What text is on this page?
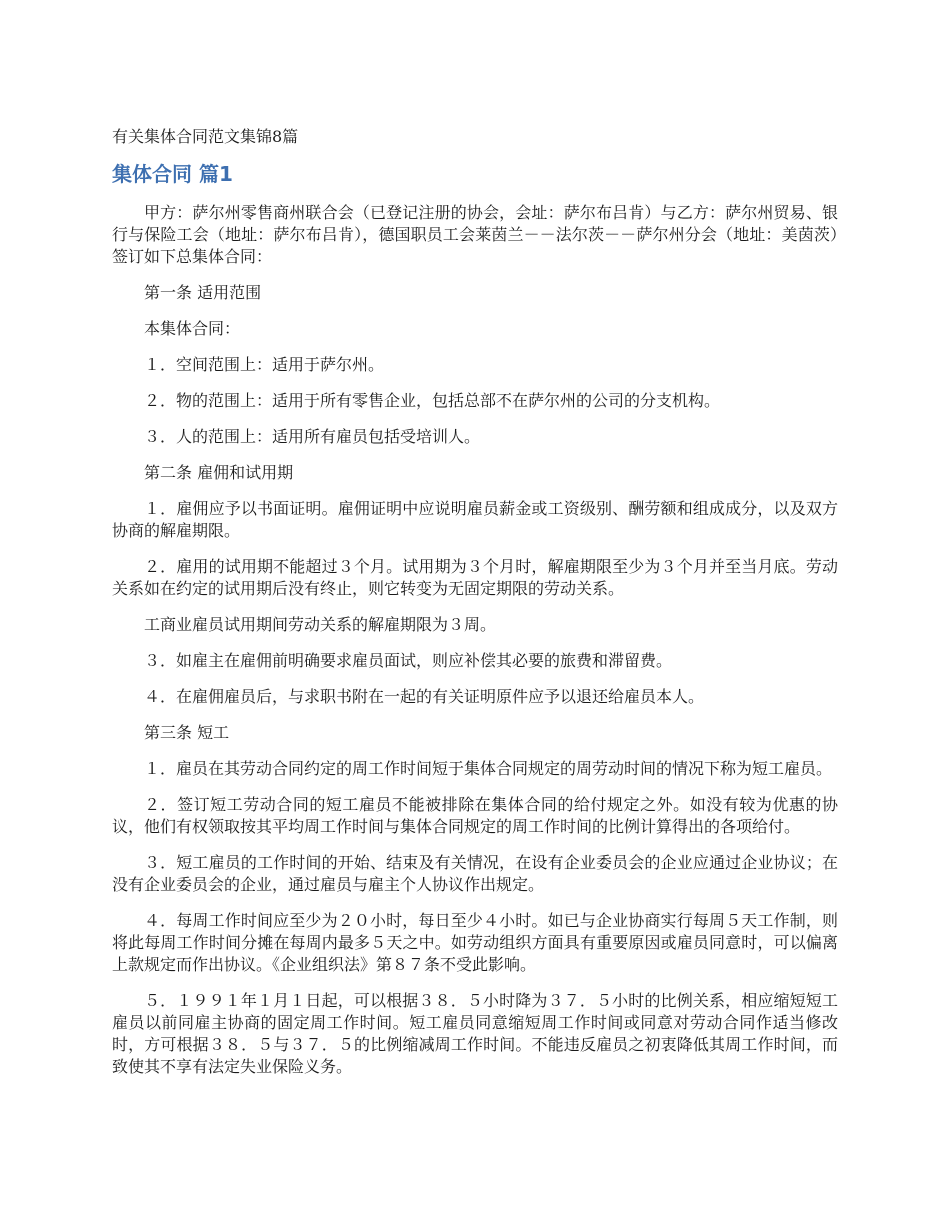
有关集体合同范文集锦8篇
集体合同 篇1

甲方：萨尔州零售商州联合会（已登记注册的协会，会址：萨尔布吕肯）与乙方：萨尔州贸易、银行与保险工会（地址：萨尔布吕肯），德国职员工会莱茵兰－－法尔茨－－萨尔州分会（地址：美茵茨）签订如下总集体合同：

第一条 适用范围

本集体合同：

１．空间范围上：适用于萨尔州。

２．物的范围上：适用于所有零售企业，包括总部不在萨尔州的公司的分支机构。

３．人的范围上：适用所有雇员包括受培训人。

第二条 雇佣和试用期

１．雇佣应予以书面证明。雇佣证明中应说明雇员薪金或工资级别、酬劳额和组成成分，以及双方协商的解雇期限。

２．雇用的试用期不能超过３个月。试用期为３个月时，解雇期限至少为３个月并至当月底。劳动关系如在约定的试用期后没有终止，则它转变为无固定期限的劳动关系。

工商业雇员试用期间劳动关系的解雇期限为３周。

３．如雇主在雇佣前明确要求雇员面试，则应补偿其必要的旅费和滞留费。

４．在雇佣雇员后，与求职书附在一起的有关证明原件应予以退还给雇员本人。

第三条 短工

１．雇员在其劳动合同约定的周工作时间短于集体合同规定的周劳动时间的情况下称为短工雇员。

２．签订短工劳动合同的短工雇员不能被排除在集体合同的给付规定之外。如没有较为优惠的协议，他们有权领取按其平均周工作时间与集体合同规定的周工作时间的比例计算得出的各项给付。

３．短工雇员的工作时间的开始、结束及有关情况，在设有企业委员会的企业应通过企业协议；在没有企业委员会的企业，通过雇员与雇主个人协议作出规定。

４．每周工作时间应至少为２０小时，每日至少４小时。如已与企业协商实行每周５天工作制，则将此每周工作时间分摊在每周内最多５天之中。如劳动组织方面具有重要原因或雇员同意时，可以偏离上款规定而作出协议。《企业组织法》第８７条不受此影响。

５．１９９１年１月１日起，可以根据３８．５小时降为３７．５小时的比例关系，相应缩短短工雇员以前同雇主协商的固定周工作时间。短工雇员同意缩短周工作时间或同意对劳动合同作适当修改时，方可根据３８．５与３７．５的比例缩减周工作时间。不能违反雇员之初衷降低其周工作时间，而致使其不享有法定失业保险义务。
